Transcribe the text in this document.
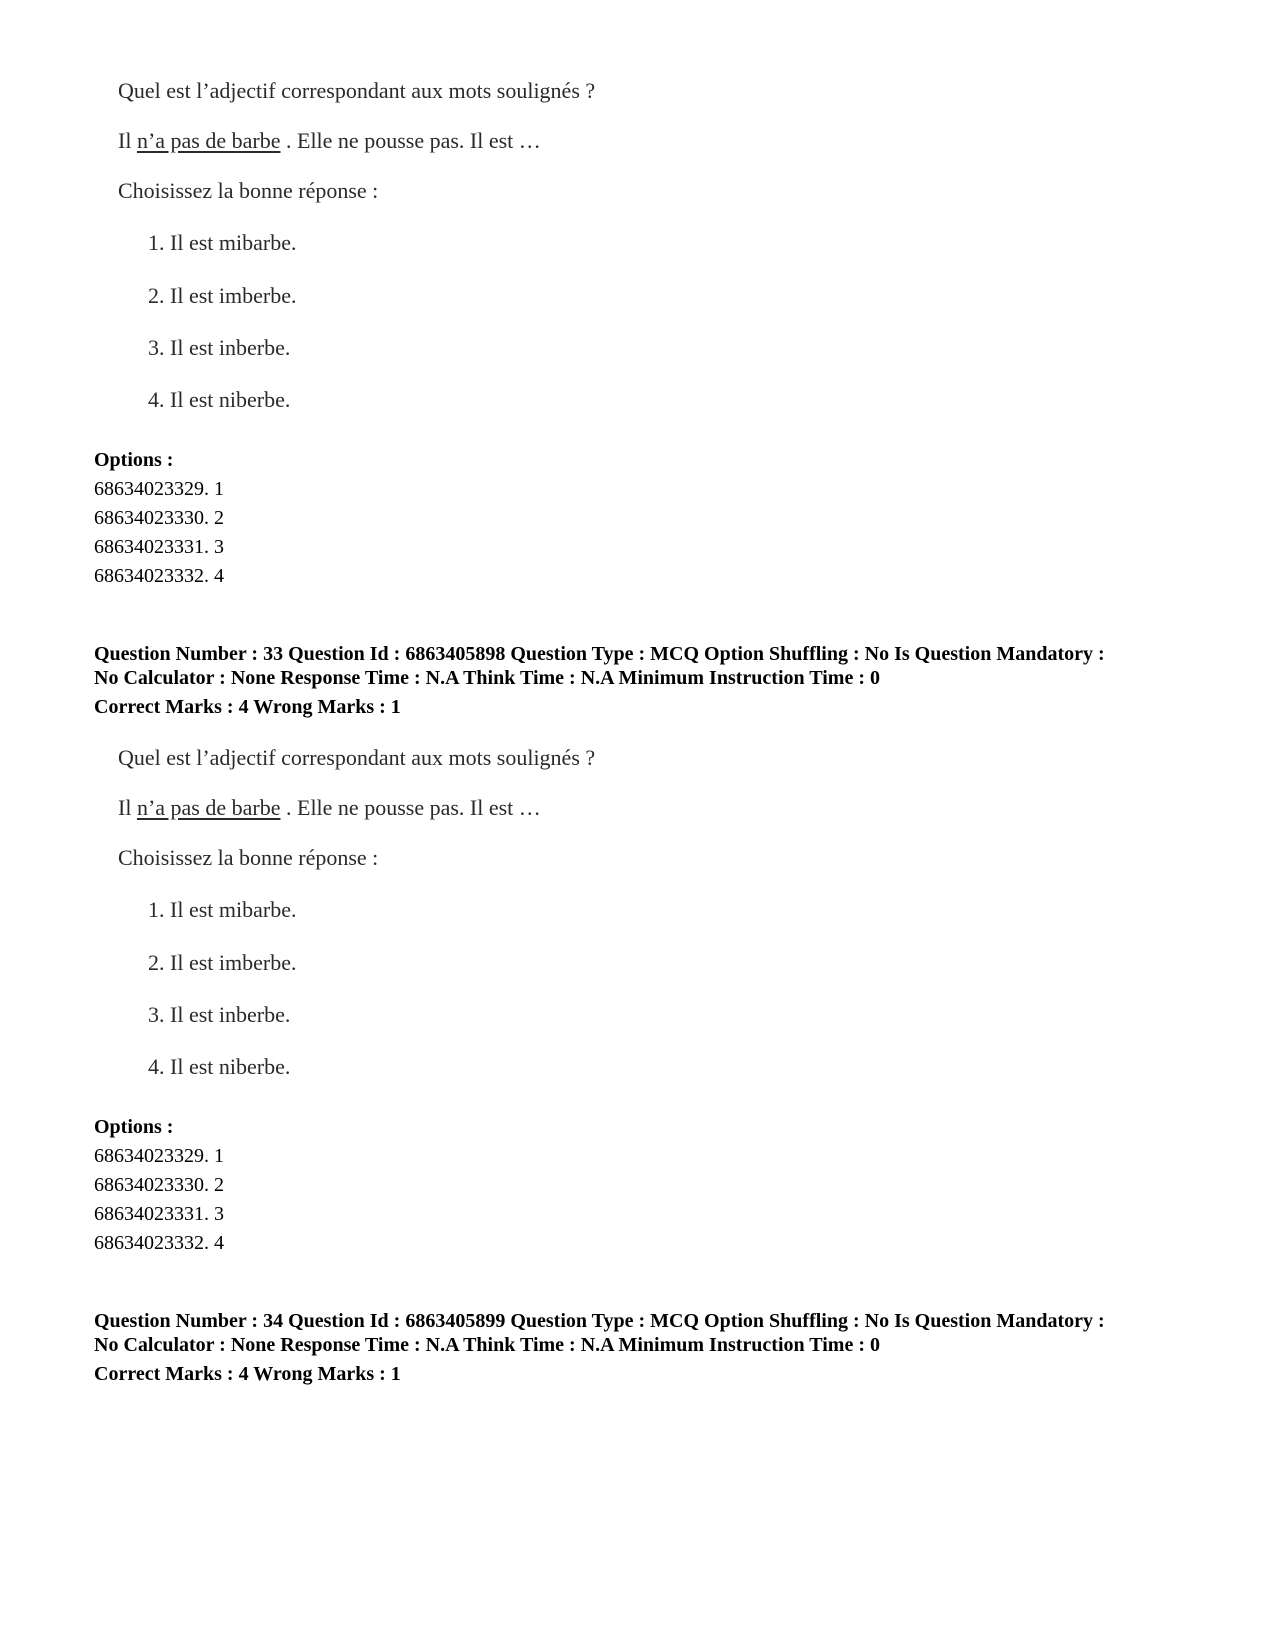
Quel est l’adjectif correspondant aux mots soulignés ?
Il n’a pas de barbe . Elle ne pousse pas. Il est …
Choisissez la bonne réponse :
1. Il est mibarbe.
2. Il est imberbe.
3. Il est inberbe.
4. Il est niberbe.
Options :
68634023329. 1
68634023330. 2
68634023331. 3
68634023332. 4
Question Number : 33 Question Id : 6863405898 Question Type : MCQ Option Shuffling : No Is Question Mandatory :
No Calculator : None Response Time : N.A Think Time : N.A Minimum Instruction Time : 0
Correct Marks : 4 Wrong Marks : 1
Quel est l’adjectif correspondant aux mots soulignés ?
Il n’a pas de barbe . Elle ne pousse pas. Il est …
Choisissez la bonne réponse :
1. Il est mibarbe.
2. Il est imberbe.
3. Il est inberbe.
4. Il est niberbe.
Options :
68634023329. 1
68634023330. 2
68634023331. 3
68634023332. 4
Question Number : 34 Question Id : 6863405899 Question Type : MCQ Option Shuffling : No Is Question Mandatory :
No Calculator : None Response Time : N.A Think Time : N.A Minimum Instruction Time : 0
Correct Marks : 4 Wrong Marks : 1
